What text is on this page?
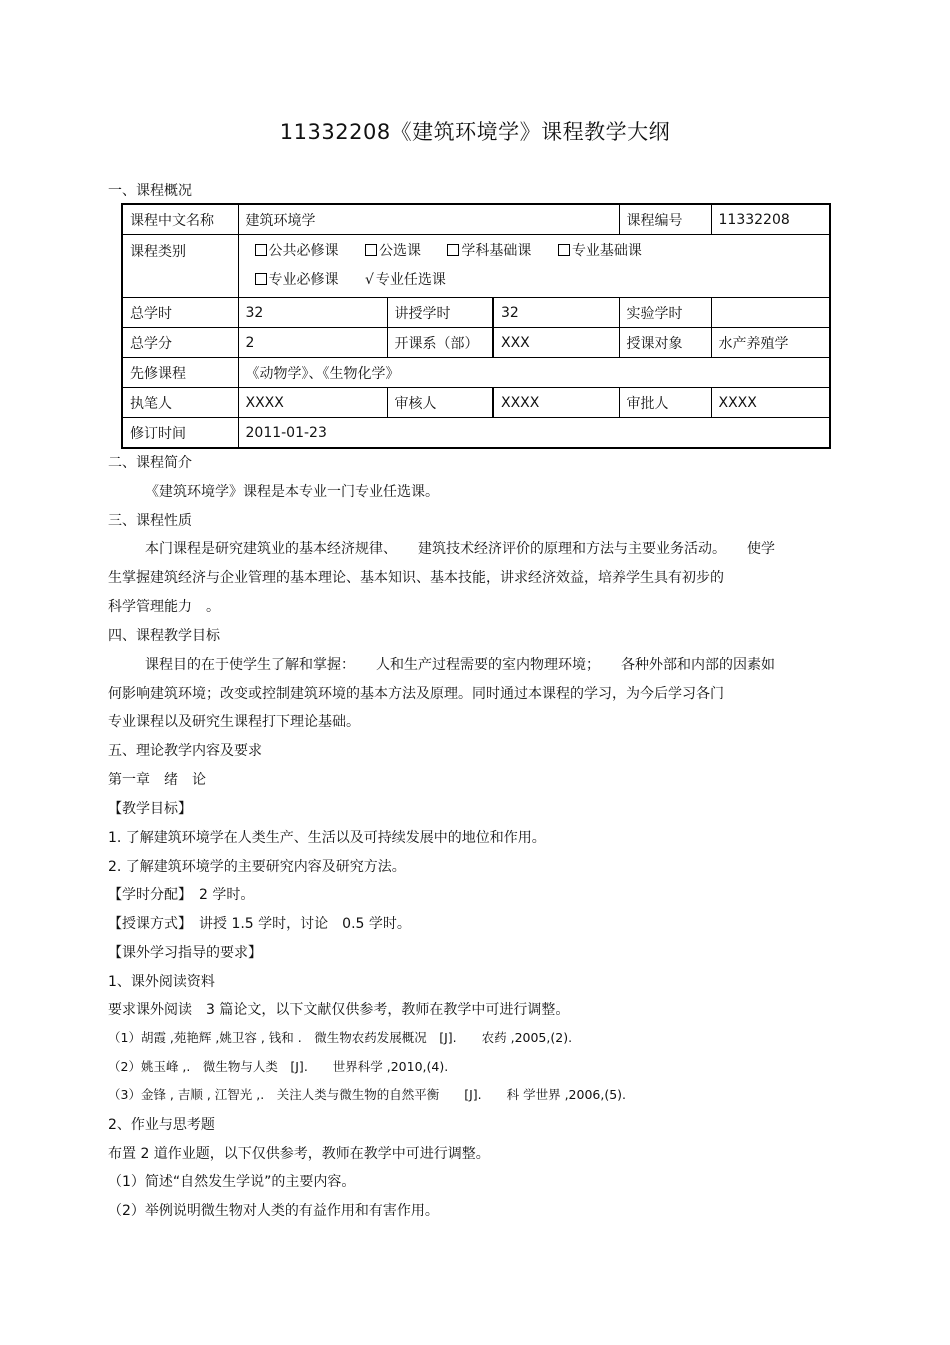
11332208《建筑环境学》课程教学大纲
一、课程概况
课程中文名称	建筑环境学			课程编号	11332208
课程类别	公共必修课 公选课 学科基础课 专业基础课
专业必修课 √ 专业任选课				

总学时	32	讲授学时	32	实验学时	
总学分	2	开课系（部）	XXX	授课对象	水产养殖学
先修课程	《动物学》、《生物化学》				
执笔人	XXXX	审核人	XXXX	审批人	XXXX
修订时间	2011-01-23				
二、课程简介
《建筑环境学》课程是本专业一门专业任选课。
三、课程性质
本门课程是研究建筑业的基本经济规律、　　建筑技术经济评价的原理和方法与主要业务活动。　　使学
生掌握建筑经济与企业管理的基本理论、基本知识、基本技能，讲求经济效益，培养学生具有初步的
科学管理能力　。
四、课程教学目标
课程目的在于使学生了解和掌握：　　人和生产过程需要的室内物理环境；　　各种外部和内部的因素如
何影响建筑环境；改变或控制建筑环境的基本方法及原理。同时通过本课程的学习，为今后学习各门
专业课程以及研究生课程打下理论基础。
五、理论教学内容及要求
第一章　绪　论
【教学目标】
1. 了解建筑环境学在人类生产、生活以及可持续发展中的地位和作用。
2. 了解建筑环境学的主要研究内容及研究方法。
【学时分配】　2 学时。
【授课方式】　讲授 1.5 学时，讨论　0.5 学时。
【课外学习指导的要求】
1、课外阅读资料
要求课外阅读　3 篇论文，以下文献仅供参考，教师在教学中可进行调整。
（1）胡霞 ,苑艳辉 ,姚卫容 , 钱和 .　微生物农药发展概况　[J].　　农药 ,2005,(2).
（2）姚玉峰 ,.　微生物与人类　[J].　　世界科学 ,2010,(4).
（3）金锋 , 吉顺 , 江智光 ,.　关注人类与微生物的自然平衡　　[J].　　科 学世界 ,2006,(5).
2、作业与思考题
布置 2 道作业题，以下仅供参考，教师在教学中可进行调整。
（1）简述“自然发生学说”的主要内容。
（2）举例说明微生物对人类的有益作用和有害作用。
